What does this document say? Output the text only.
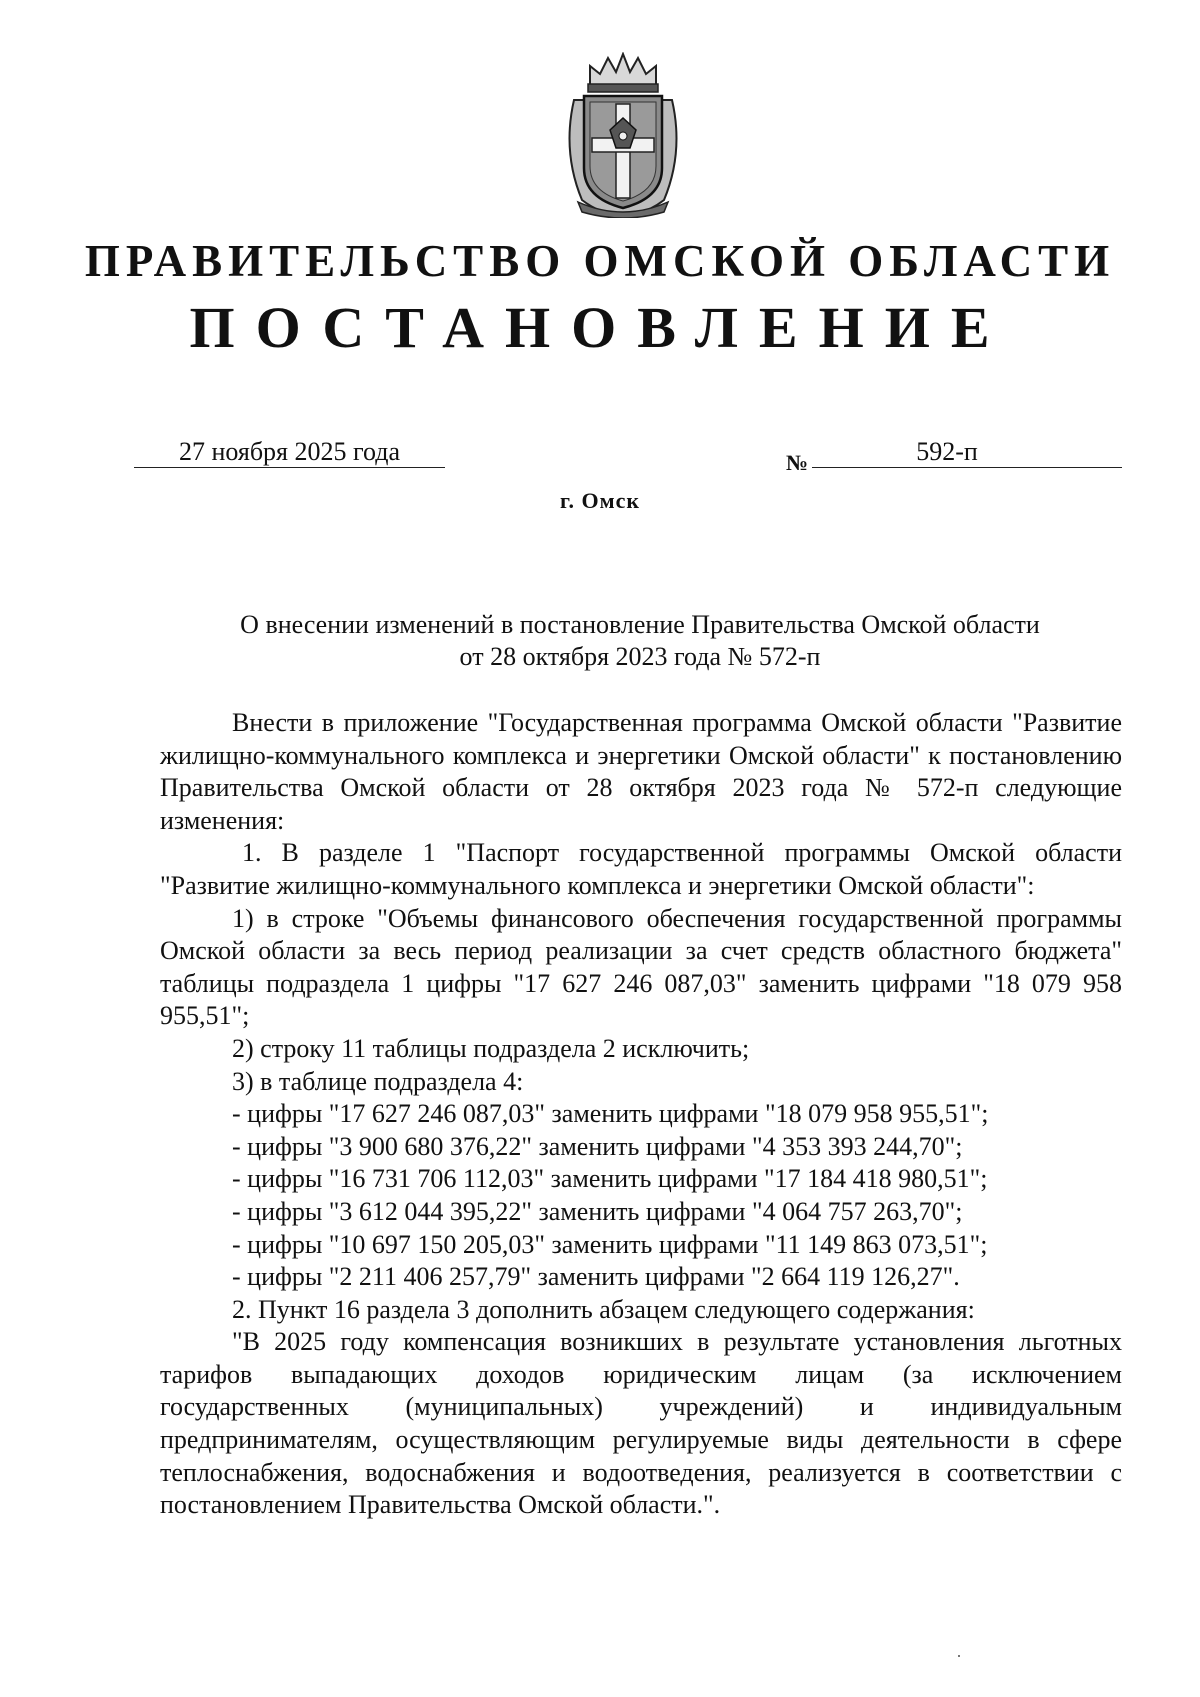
ПРАВИТЕЛЬСТВО ОМСКОЙ ОБЛАСТИ
ПОСТАНОВЛЕНИЕ
27 ноября 2025 года	№	592-п
г. Омск
О внесении изменений в постановление Правительства Омской области
от 28 октября 2023 года № 572-п

Внести в приложение "Государственная программа Омской области "Развитие жилищно-коммунального комплекса и энергетики Омской области" к постановлению Правительства Омской области от 28 октября 2023 года № 572-п следующие изменения:

1. В разделе 1 "Паспорт государственной программы Омской области "Развитие жилищно-коммунального комплекса и энергетики Омской области":

1) в строке "Объемы финансового обеспечения государственной программы Омской области за весь период реализации за счет средств областного бюджета" таблицы подраздела 1 цифры "17 627 246 087,03" заменить цифрами "18 079 958 955,51";

2) строку 11 таблицы подраздела 2 исключить;

3) в таблице подраздела 4:

- цифры "17 627 246 087,03" заменить цифрами "18 079 958 955,51";

- цифры "3 900 680 376,22" заменить цифрами "4 353 393 244,70";

- цифры "16 731 706 112,03" заменить цифрами "17 184 418 980,51";

- цифры "3 612 044 395,22" заменить цифрами "4 064 757 263,70";

- цифры "10 697 150 205,03" заменить цифрами "11 149 863 073,51";

- цифры "2 211 406 257,79" заменить цифрами "2 664 119 126,27".

2. Пункт 16 раздела 3 дополнить абзацем следующего содержания:

"В 2025 году компенсация возникших в результате установления льготных тарифов выпадающих доходов юридическим лицам (за исключением государственных (муниципальных) учреждений) и индивидуальным предпринимателям, осуществляющим регулируемые виды деятельности в сфере теплоснабжения, водоснабжения и водоотведения, реализуется в соответствии с постановлением Правительства Омской области.".
